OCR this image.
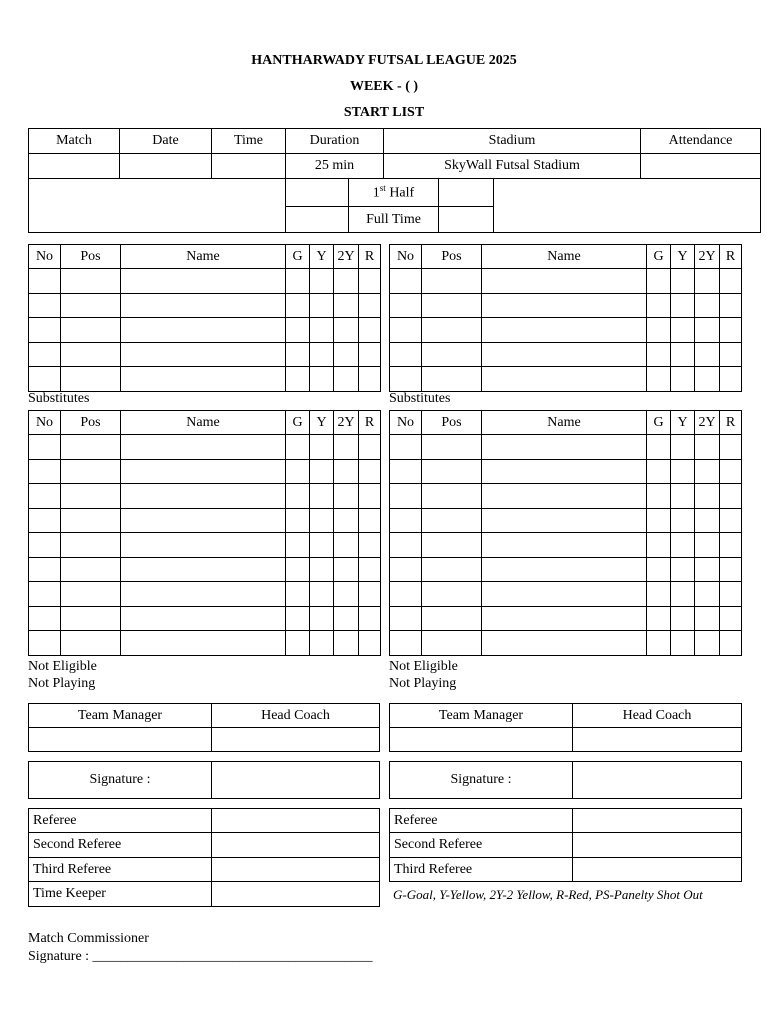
HANTHARWADY FUTSAL LEAGUE 2025
WEEK - ( )
START LIST
Match	Date	Time	Duration		Stadium			Attendance
			25 min		SkyWall Futsal Stadium			
				1st Half				
				Full Time				
No	Pos	Name	G	Y	2Y	R

						No	Pos	Name	G	Y	2Y	R

No	Pos	Name	G	Y	2Y	R

						No	Pos	Name	G	Y	2Y	R

Substitutes	Substitutes
Not Eligible
Not Playing
Not Eligible
Not Playing
Team Manager	Head Coach
		Team Manager	Head Coach

Signature :		Signature :	
Referee	
Second Referee	
Third Referee	
Time Keeper	
Referee	
Second Referee	
Third Referee	
G-Goal, Y-Yellow, 2Y-2 Yellow, R-Red, PS-Panelty Shot Out
Match Commissioner
Signature : ________________________________________
